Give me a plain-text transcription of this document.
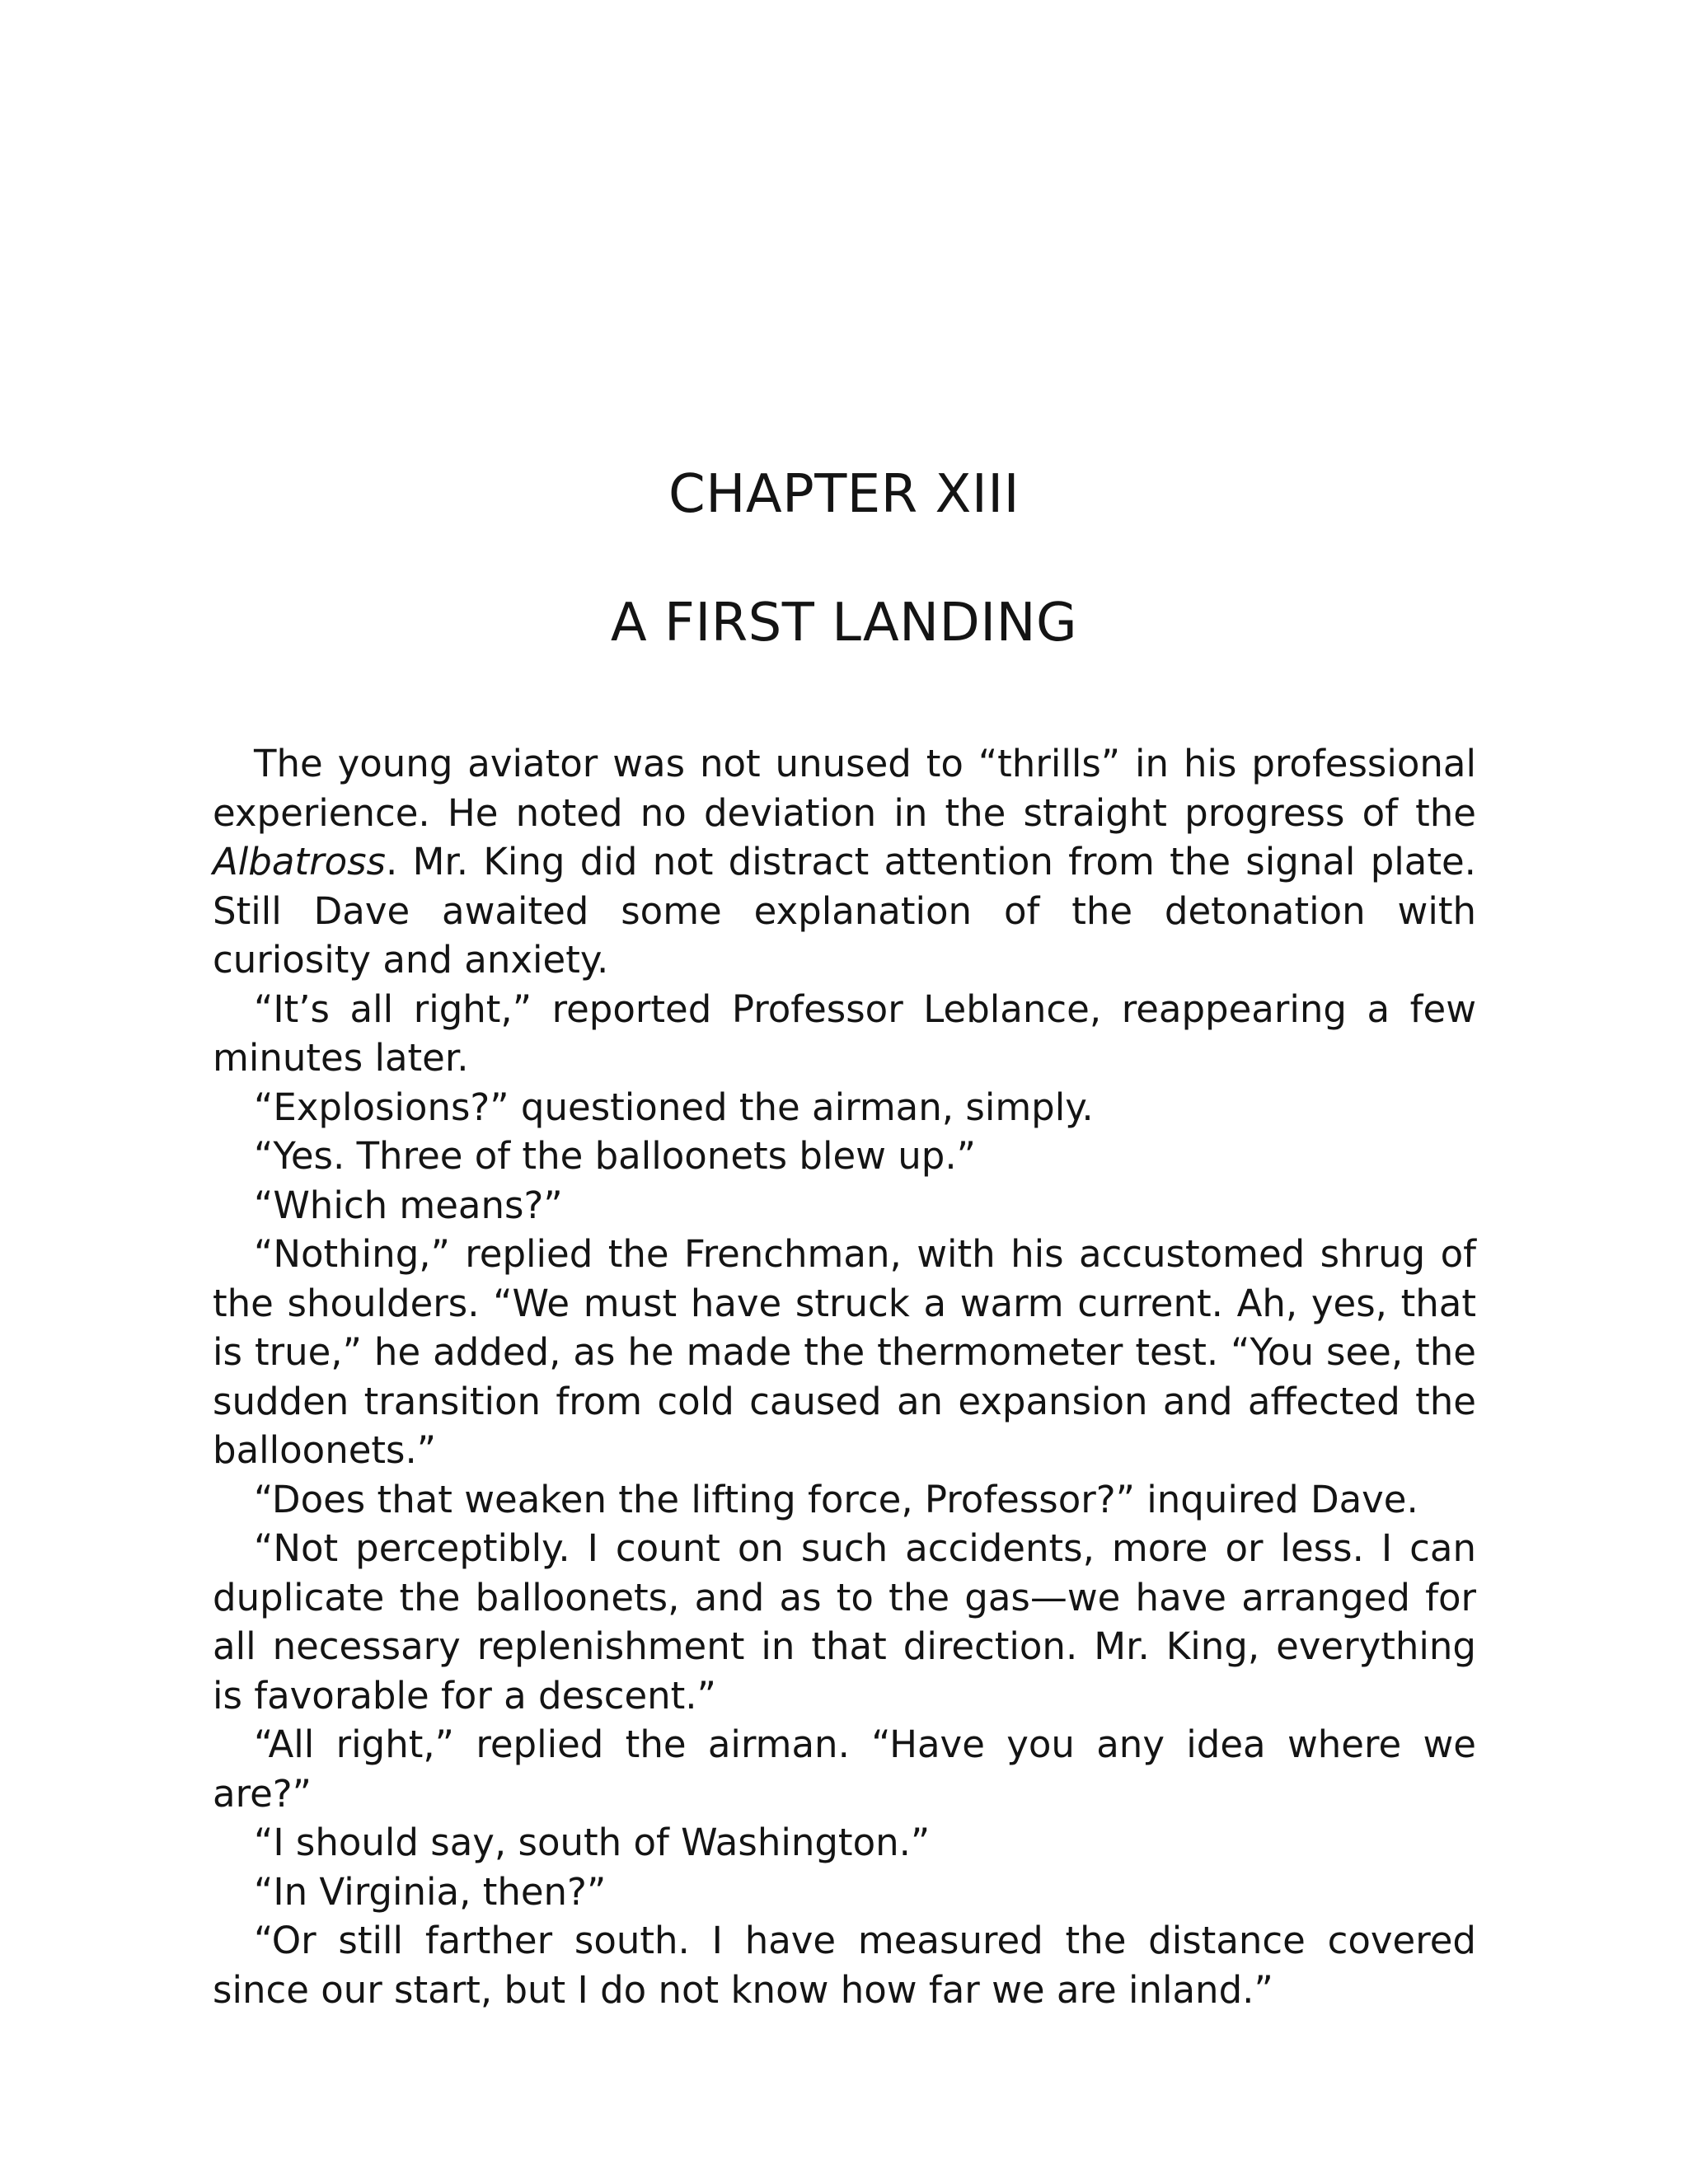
CHAPTER XIII
A FIRST LANDING

The young aviator was not unused to “thrills” in his professional experience. He noted no deviation in the straight progress of the Albatross. Mr. King did not distract attention from the signal plate. Still Dave awaited some explanation of the detonation with curiosity and anxiety.

“It’s all right,” reported Professor Leblance, reappearing a few minutes later.

“Explosions?” questioned the airman, simply.

“Yes. Three of the balloonets blew up.”

“Which means?”

“Nothing,” replied the Frenchman, with his accustomed shrug of the shoulders. “We must have struck a warm current. Ah, yes, that is true,” he added, as he made the thermometer test. “You see, the sudden transition from cold caused an expansion and affected the balloonets.”

“Does that weaken the lifting force, Professor?” inquired Dave.

“Not perceptibly. I count on such accidents, more or less. I can duplicate the balloonets, and as to the gas—we have arranged for all necessary replenishment in that direction. Mr. King, everything is favorable for a descent.”

“All right,” replied the airman. “Have you any idea where we are?”

“I should say, south of Washington.”

“In Virginia, then?”

“Or still farther south. I have measured the distance covered since our start, but I do not know how far we are inland.”
